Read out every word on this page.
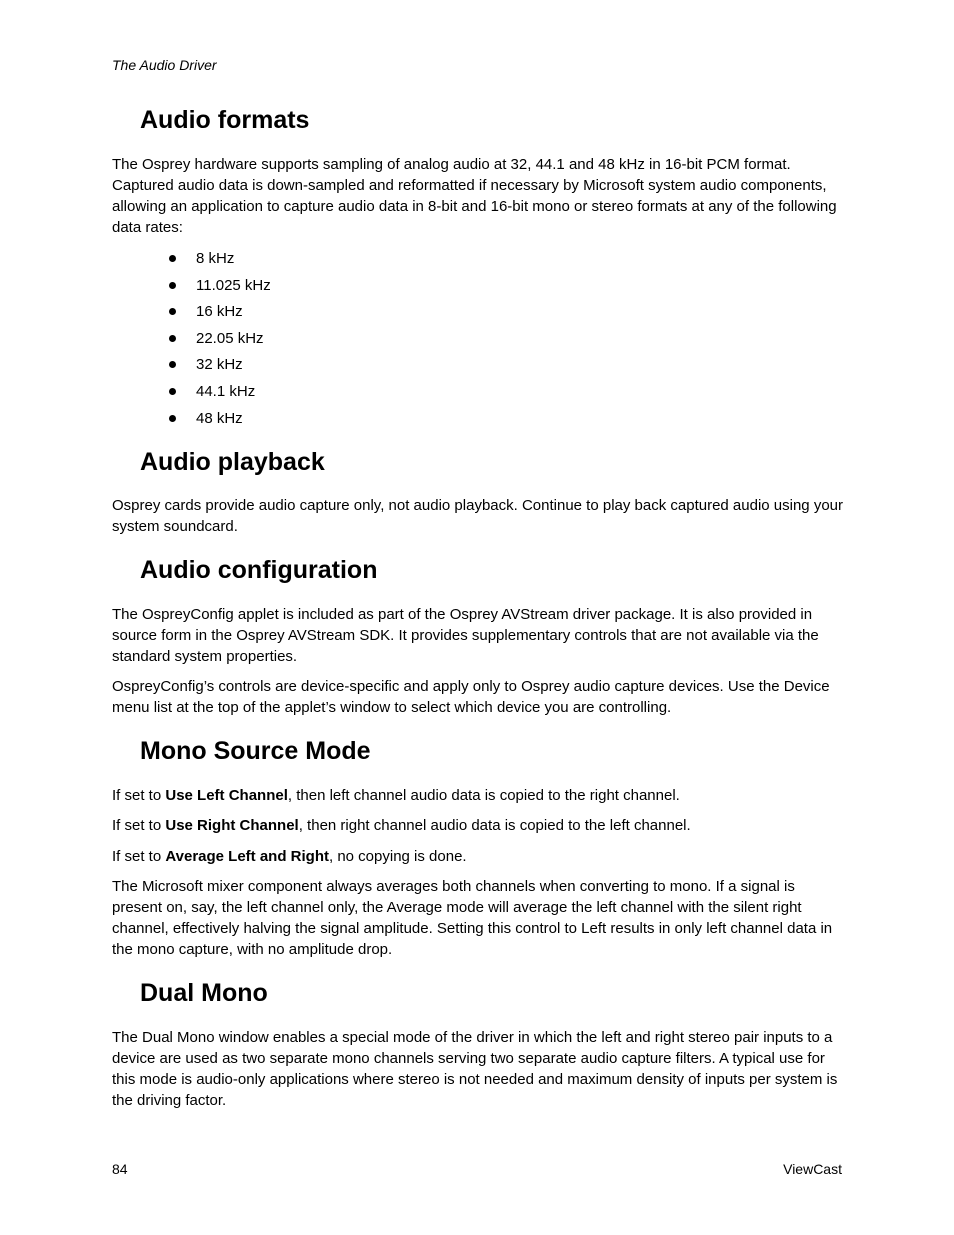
The Audio Driver
Audio formats

The Osprey hardware supports sampling of analog audio at 32, 44.1 and 48 kHz in 16-bit PCM format. Captured audio data is down-sampled and reformatted if necessary by Microsoft system audio components, allowing an application to capture audio data in 8-bit and 16-bit mono or stereo formats at any of the following data rates:

8 kHz
11.025 kHz
16 kHz
22.05 kHz
32 kHz
44.1 kHz
48 kHz
Audio playback

Osprey cards provide audio capture only, not audio playback. Continue to play back captured audio using your system soundcard.

Audio configuration

The OspreyConfig applet is included as part of the Osprey AVStream driver package. It is also provided in source form in the Osprey AVStream SDK. It provides supplementary controls that are not available via the standard system properties.

OspreyConfig’s controls are device-specific and apply only to Osprey audio capture devices. Use the Device menu list at the top of the applet’s window to select which device you are controlling.

Mono Source Mode

If set to Use Left Channel, then left channel audio data is copied to the right channel.

If set to Use Right Channel, then right channel audio data is copied to the left channel.

If set to Average Left and Right, no copying is done.

The Microsoft mixer component always averages both channels when converting to mono. If a signal is present on, say, the left channel only, the Average mode will average the left channel with the silent right channel, effectively halving the signal amplitude. Setting this control to Left results in only left channel data in the mono capture, with no amplitude drop.

Dual Mono

The Dual Mono window enables a special mode of the driver in which the left and right stereo pair inputs to a device are used as two separate mono channels serving two separate audio capture filters. A typical use for this mode is audio-only applications where stereo is not needed and maximum density of inputs per system is the driving factor.

84	ViewCast
